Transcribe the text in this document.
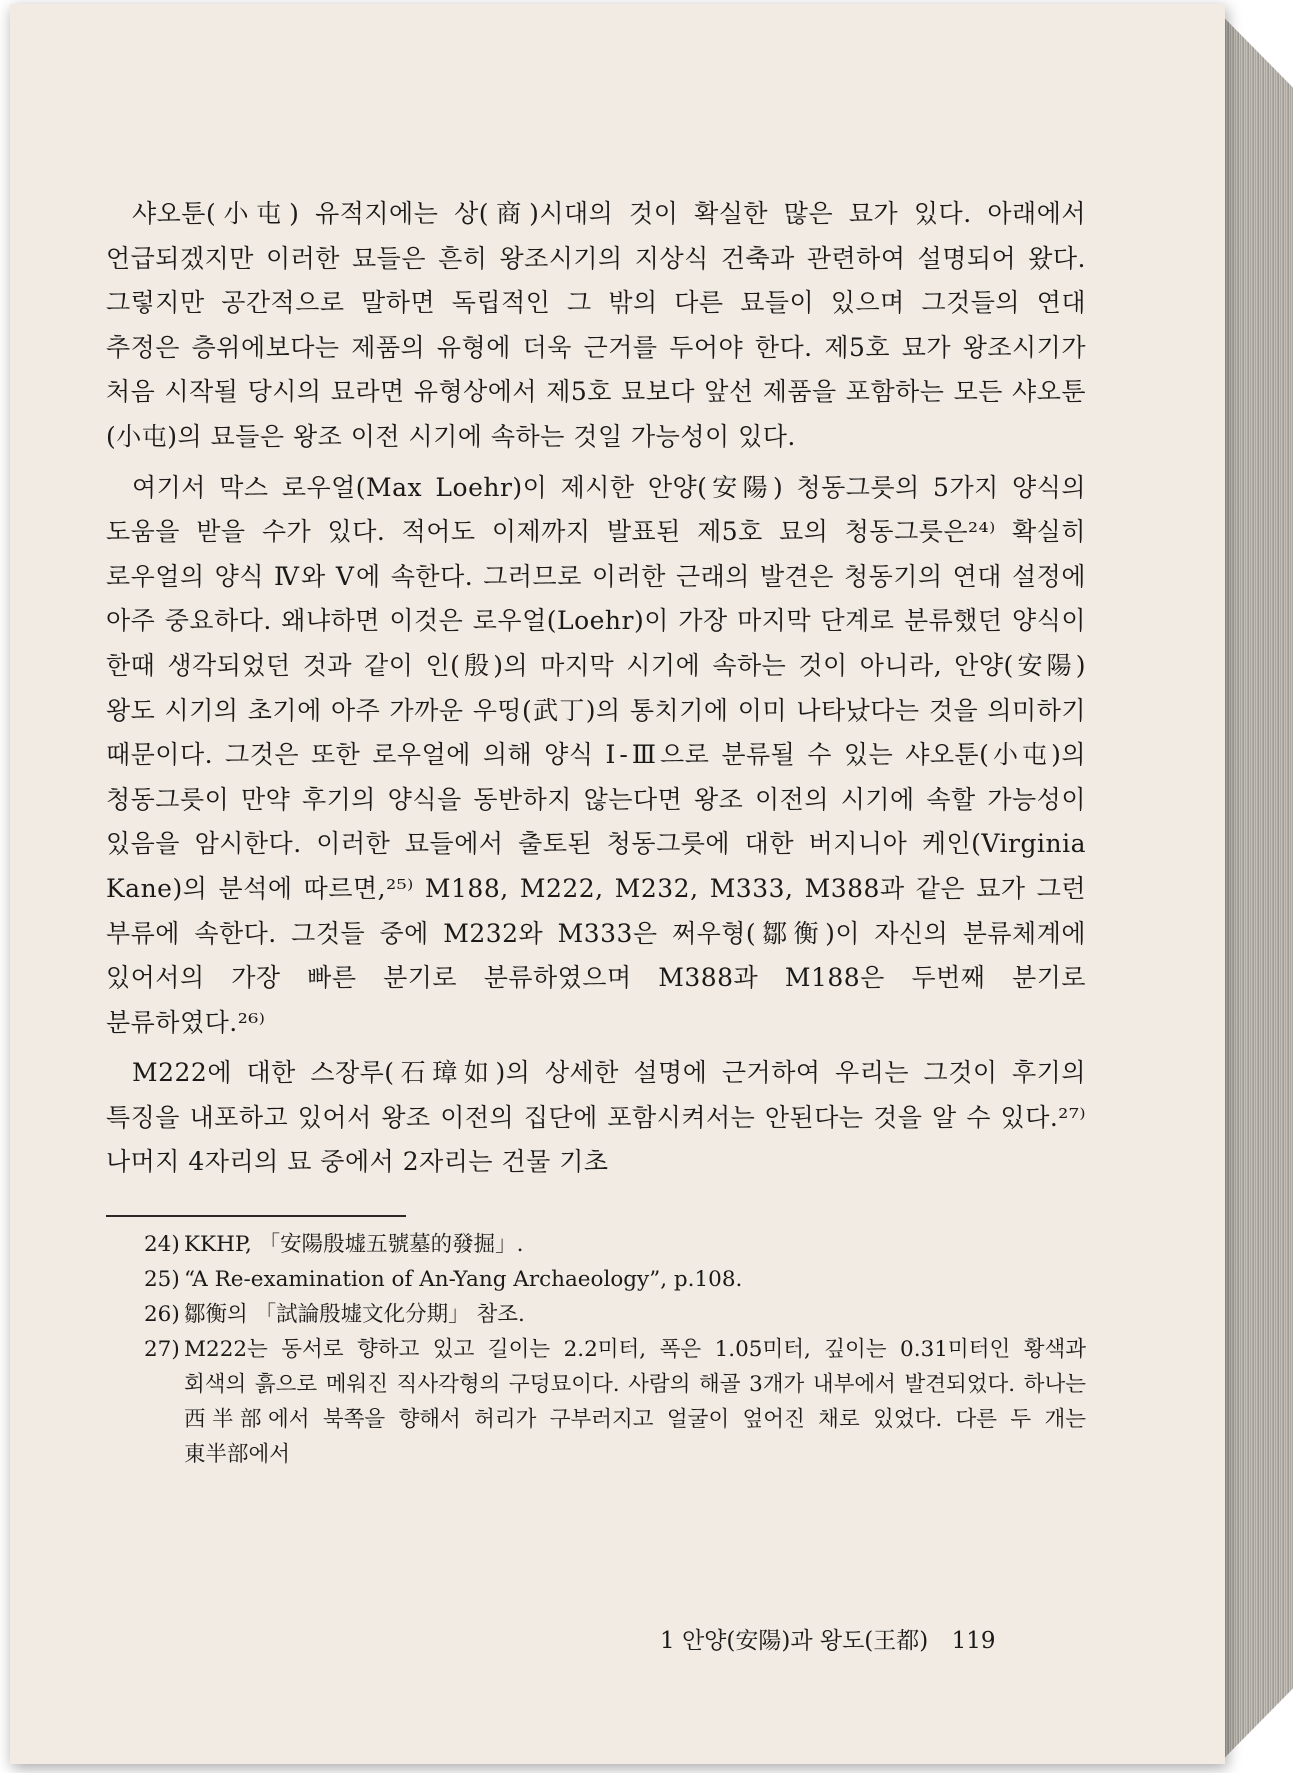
샤오툰(小屯) 유적지에는 상(商)시대의 것이 확실한 많은 묘가 있다. 아래에서 언급되겠지만 이러한 묘들은 흔히 왕조시기의 지상식 건축과 관련하여 설명되어 왔다. 그렇지만 공간적으로 말하면 독립적인 그 밖의 다른 묘들이 있으며 그것들의 연대 추정은 층위에보다는 제품의 유형에 더욱 근거를 두어야 한다. 제5호 묘가 왕조시기가 처음 시작될 당시의 묘라면 유형상에서 제5호 묘보다 앞선 제품을 포함하는 모든 샤오툰(小屯)의 묘들은 왕조 이전 시기에 속하는 것일 가능성이 있다.

여기서 막스 로우얼(Max Loehr)이 제시한 안양(安陽) 청동그릇의 5가지 양식의 도움을 받을 수가 있다. 적어도 이제까지 발표된 제5호 묘의 청동그릇은²⁴⁾ 확실히 로우얼의 양식 Ⅳ와 Ⅴ에 속한다. 그러므로 이러한 근래의 발견은 청동기의 연대 설정에 아주 중요하다. 왜냐하면 이것은 로우얼(Loehr)이 가장 마지막 단계로 분류했던 양식이 한때 생각되었던 것과 같이 인(殷)의 마지막 시기에 속하는 것이 아니라, 안양(安陽) 왕도 시기의 초기에 아주 가까운 우띵(武丁)의 통치기에 이미 나타났다는 것을 의미하기 때문이다. 그것은 또한 로우얼에 의해 양식 Ⅰ-Ⅲ으로 분류될 수 있는 샤오툰(小屯)의 청동그릇이 만약 후기의 양식을 동반하지 않는다면 왕조 이전의 시기에 속할 가능성이 있음을 암시한다. 이러한 묘들에서 출토된 청동그릇에 대한 버지니아 케인(Virginia Kane)의 분석에 따르면,²⁵⁾ M188, M222, M232, M333, M388과 같은 묘가 그런 부류에 속한다. 그것들 중에 M232와 M333은 쩌우형(鄒衡)이 자신의 분류체계에 있어서의 가장 빠른 분기로 분류하였으며 M388과 M188은 두번째 분기로 분류하였다.²⁶⁾

M222에 대한 스장루(石璋如)의 상세한 설명에 근거하여 우리는 그것이 후기의 특징을 내포하고 있어서 왕조 이전의 집단에 포함시켜서는 안된다는 것을 알 수 있다.²⁷⁾ 나머지 4자리의 묘 중에서 2자리는 건물 기초

24) KKHP, 「安陽殷墟五號墓的發掘」.

25) “A Re-examination of An-Yang Archaeology”, p.108.

26) 鄒衡의 「試論殷墟文化分期」 참조.

27) M222는 동서로 향하고 있고 길이는 2.2미터, 폭은 1.05미터, 깊이는 0.31미터인 황색과 회색의 흙으로 메워진 직사각형의 구덩묘이다. 사람의 해골 3개가 내부에서 발견되었다. 하나는 西半部에서 북쪽을 향해서 허리가 구부러지고 얼굴이 엎어진 채로 있었다. 다른 두 개는 東半部에서

1 안양(安陽)과 왕도(王都) 119
